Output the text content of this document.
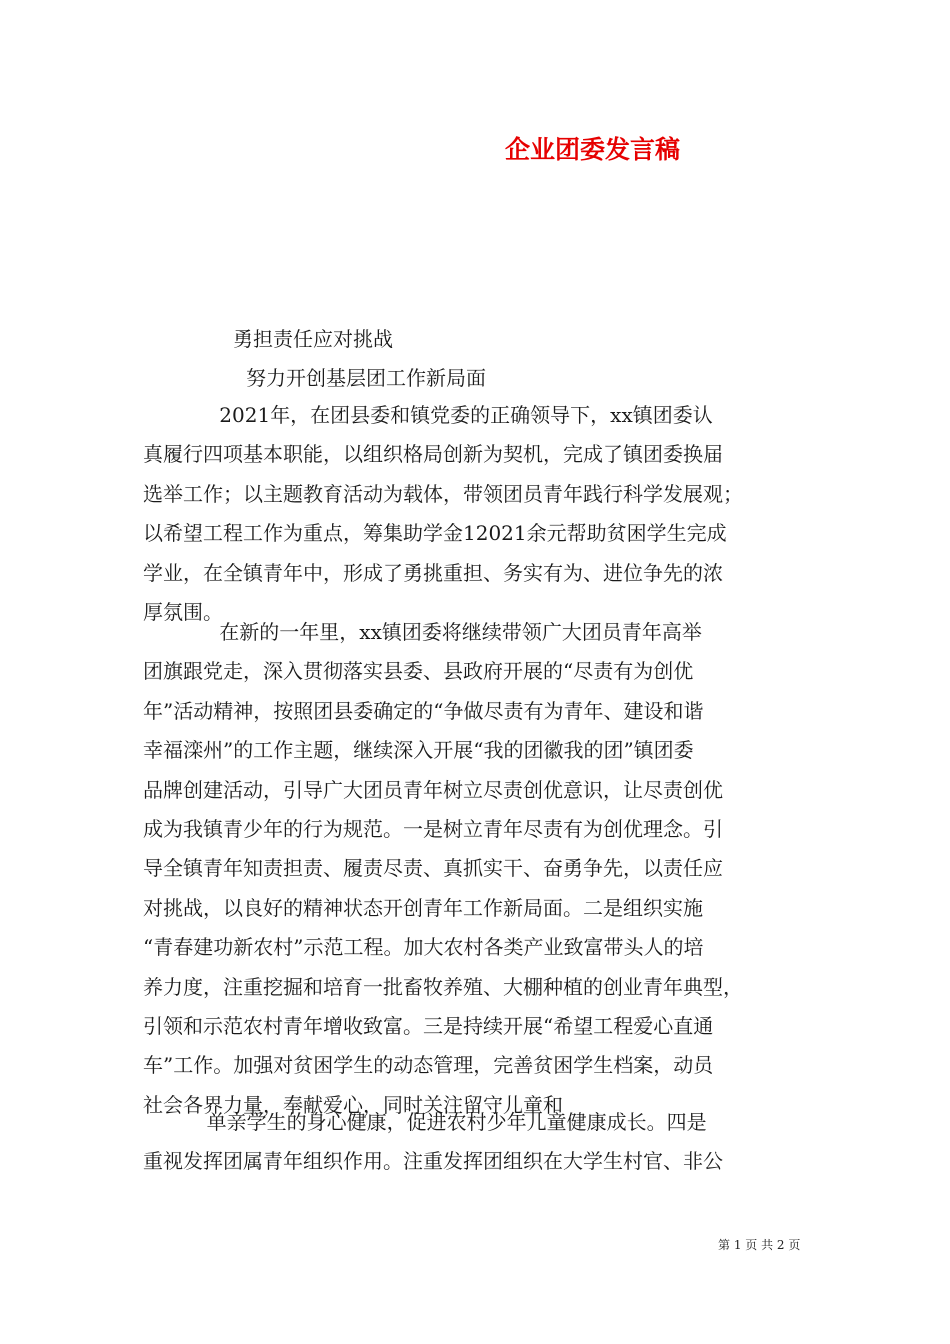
企业团委发言稿

勇担责任应对挑战

努力开创基层团工作新局面

2021年，在团县委和镇党委的正确领导下，xx镇团委认
真履行四项基本职能，以组织格局创新为契机，完成了镇团委换届
选举工作；以主题教育活动为载体，带领团员青年践行科学发展观；
以希望工程工作为重点，筹集助学金12021余元帮助贫困学生完成
学业，在全镇青年中，形成了勇挑重担、务实有为、进位争先的浓
厚氛围。
在新的一年里，xx镇团委将继续带领广大团员青年高举
团旗跟党走，深入贯彻落实县委、县政府开展的“尽责有为创优
年”活动精神，按照团县委确定的“争做尽责有为青年、建设和谐
幸福滦州”的工作主题，继续深入开展“我的团徽我的团”镇团委
品牌创建活动，引导广大团员青年树立尽责创优意识，让尽责创优
成为我镇青少年的行为规范。一是树立青年尽责有为创优理念。引
导全镇青年知责担责、履责尽责、真抓实干、奋勇争先，以责任应
对挑战，以良好的精神状态开创青年工作新局面。二是组织实施
“青春建功新农村”示范工程。加大农村各类产业致富带头人的培
养力度，注重挖掘和培育一批畜牧养殖、大棚种植的创业青年典型，
引领和示范农村青年增收致富。三是持续开展“希望工程爱心直通
车”工作。加强对贫困学生的动态管理，完善贫困学生档案，动员
社会各界力量，奉献爱心，同时关注留守儿童和
单亲学生的身心健康，促进农村少年儿童健康成长。四是
重视发挥团属青年组织作用。注重发挥团组织在大学生村官、非公
第 1 页 共 2 页
